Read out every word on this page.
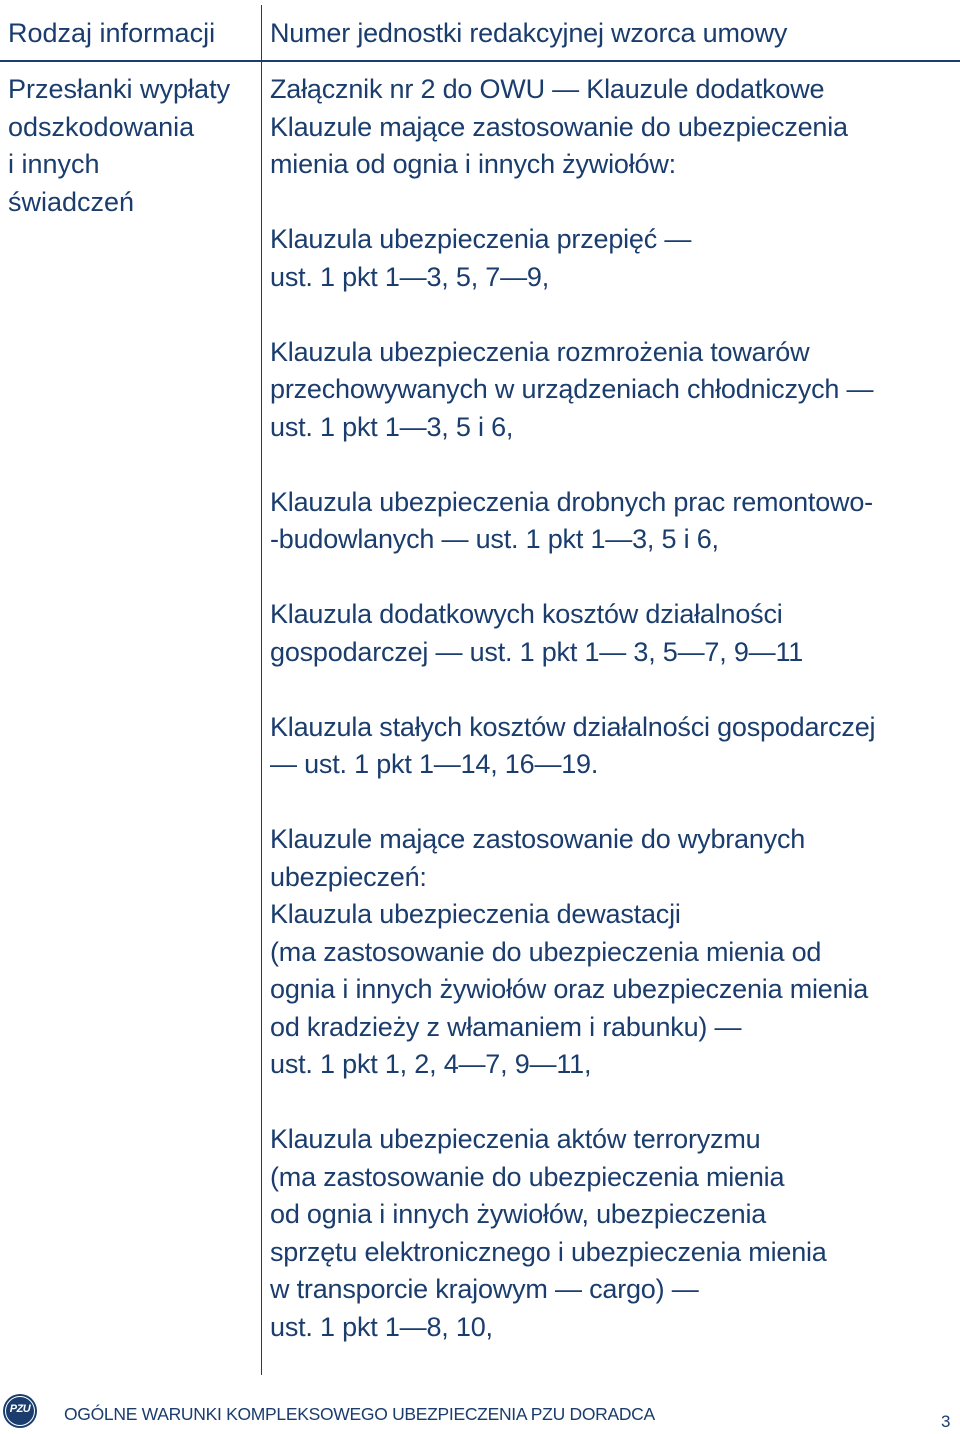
Rodzaj informacji Numer jednostki redakcyjnej wzorca umowy
Przesłanki wypłaty
odszkodowania
i innych
świadczeń
Załącznik nr 2 do OWU — Klauzule dodatkowe
Klauzule mające zastosowanie do ubezpieczenia
mienia od ognia i innych żywiołów:
Klauzula ubezpieczenia przepięć —
ust. 1 pkt 1—3, 5, 7—9,
Klauzula ubezpieczenia rozmrożenia towarów
przechowywanych w urządzeniach chłodniczych —
ust. 1 pkt 1—3, 5 i 6,
Klauzula ubezpieczenia drobnych prac remontowo-
-budowlanych — ust. 1 pkt 1—3, 5 i 6,
Klauzula dodatkowych kosztów działalności
gospodarczej — ust. 1 pkt 1— 3, 5—7, 9—11
Klauzula stałych kosztów działalności gospodarczej
— ust. 1 pkt 1—14, 16—19.
Klauzule mające zastosowanie do wybranych
ubezpieczeń:
Klauzula ubezpieczenia dewastacji
(ma zastosowanie do ubezpieczenia mienia od
ognia i innych żywiołów oraz ubezpieczenia mienia
od kradzieży z włamaniem i rabunku) —
ust. 1 pkt 1, 2, 4—7, 9—11,
Klauzula ubezpieczenia aktów terroryzmu
(ma zastosowanie do ubezpieczenia mienia
od ognia i innych żywiołów, ubezpieczenia
sprzętu elektronicznego i ubezpieczenia mienia
w transporcie krajowym — cargo) —
ust. 1 pkt 1—8, 10,
PZU	OGÓLNE WARUNKI KOMPLEKSOWEGO UBEZPIECZENIA PZU DORADCA	3
